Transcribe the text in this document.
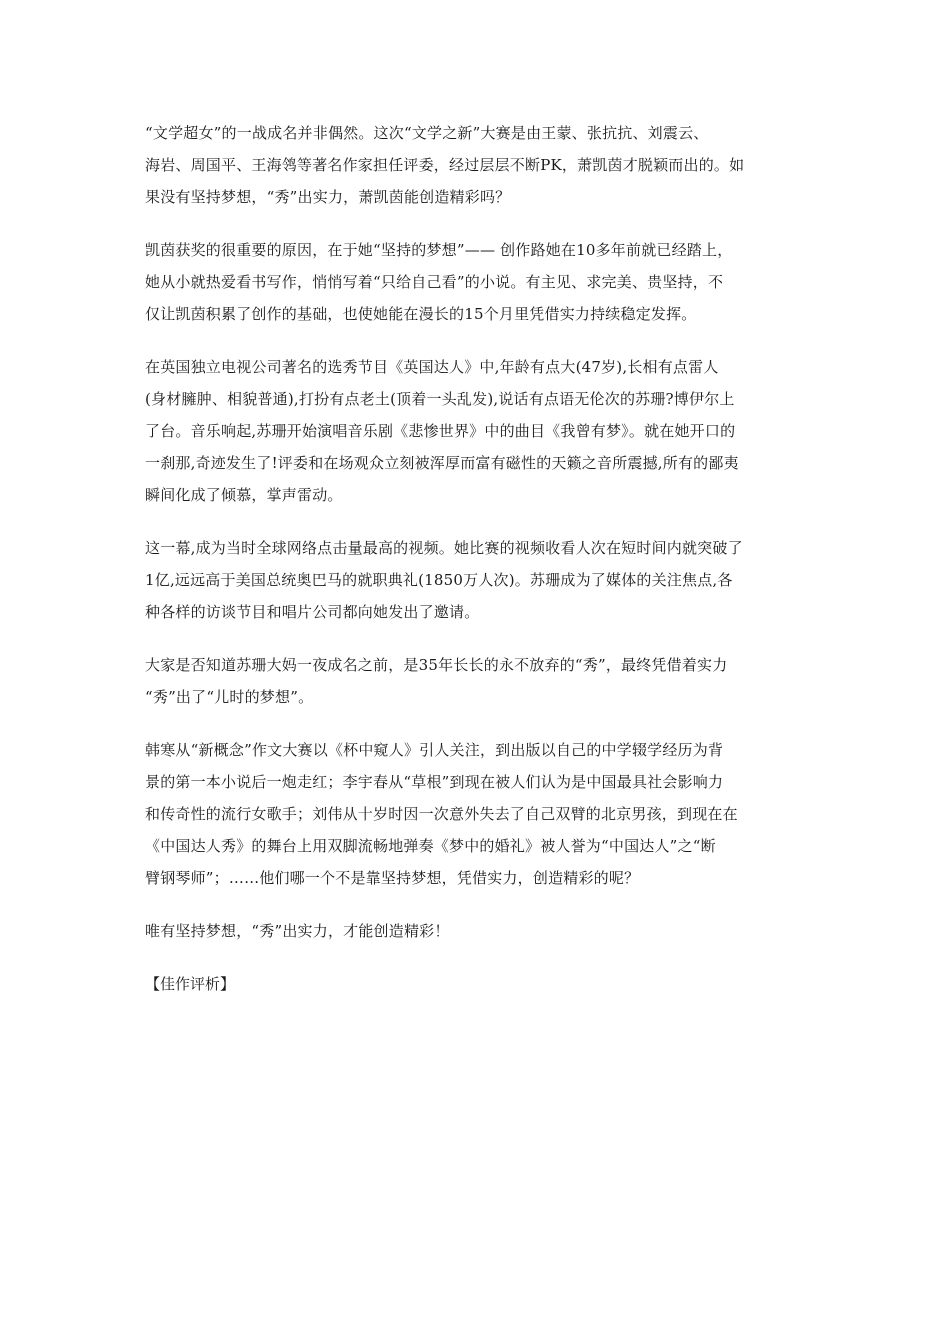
“文学超女”的一战成名并非偶然。这次“文学之新”大赛是由王蒙、张抗抗、刘震云、
海岩、周国平、王海鸰等著名作家担任评委，经过层层不断PK，萧凯茵才脱颖而出的。如
果没有坚持梦想，“秀”出实力，萧凯茵能创造精彩吗？
凯茵获奖的很重要的原因，在于她“坚持的梦想”—— 创作路她在10多年前就已经踏上，
她从小就热爱看书写作，悄悄写着“只给自己看”的小说。有主见、求完美、贵坚持，不
仅让凯茵积累了创作的基础，也使她能在漫长的15个月里凭借实力持续稳定发挥。
在英国独立电视公司著名的选秀节目《英国达人》中,年龄有点大(47岁),长相有点雷人
(身材臃肿、相貌普通),打扮有点老土(顶着一头乱发),说话有点语无伦次的苏珊?博伊尔上
了台。音乐响起,苏珊开始演唱音乐剧《悲惨世界》中的曲目《我曾有梦》。就在她开口的
一刹那,奇迹发生了!评委和在场观众立刻被浑厚而富有磁性的天籁之音所震撼,所有的鄙夷
瞬间化成了倾慕，掌声雷动。
这一幕,成为当时全球网络点击量最高的视频。她比赛的视频收看人次在短时间内就突破了
1亿,远远高于美国总统奥巴马的就职典礼(1850万人次)。苏珊成为了媒体的关注焦点,各
种各样的访谈节目和唱片公司都向她发出了邀请。
大家是否知道苏珊大妈一夜成名之前，是35年长长的永不放弃的“秀”，最终凭借着实力
“秀”出了“儿时的梦想”。
韩寒从“新概念”作文大赛以《杯中窥人》引人关注，到出版以自己的中学辍学经历为背
景的第一本小说后一炮走红；李宇春从“草根”到现在被人们认为是中国最具社会影响力
和传奇性的流行女歌手；刘伟从十岁时因一次意外失去了自己双臂的北京男孩，到现在在
《中国达人秀》的舞台上用双脚流畅地弹奏《梦中的婚礼》被人誉为“中国达人”之“断
臂钢琴师”；……他们哪一个不是靠坚持梦想，凭借实力，创造精彩的呢？
唯有坚持梦想，“秀”出实力，才能创造精彩！
【佳作评析】
